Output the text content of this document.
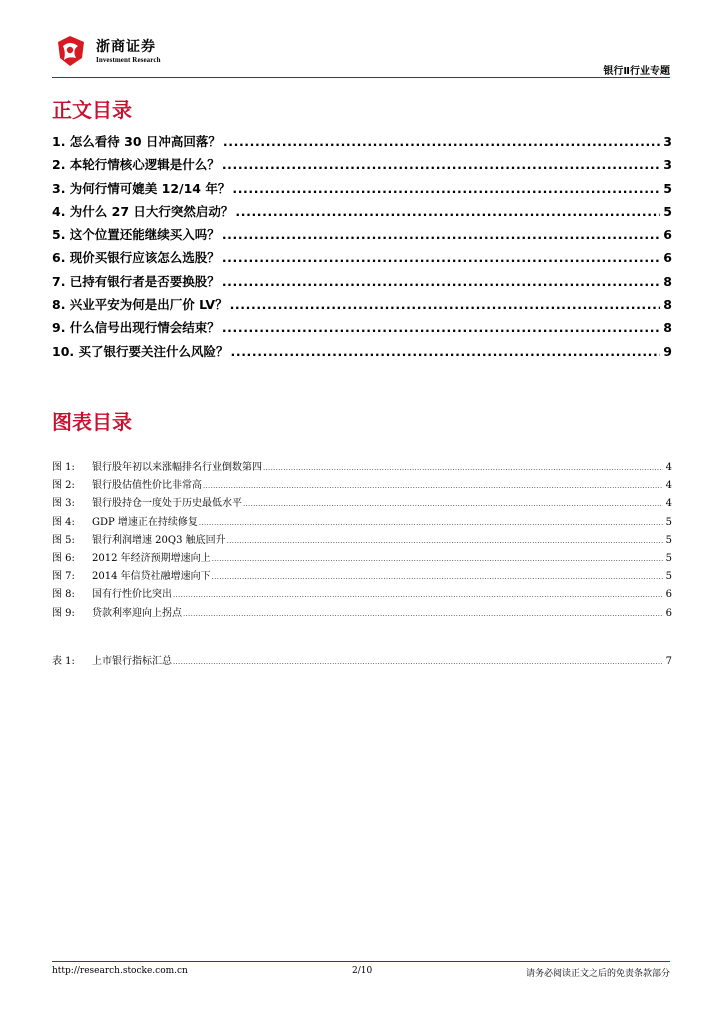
浙商证券
Investment Research
银行Ⅱ行业专题
正文目录
1. 怎么看待 30 日冲高回落？ .....	3
2. 本轮行情核心逻辑是什么？ .....	3
3. 为何行情可媲美 12/14 年？ .....	5
4. 为什么 27 日大行突然启动？ .....	5
5. 这个位置还能继续买入吗？ .....	6
6. 现价买银行应该怎么选股？ .....	6
7. 已持有银行者是否要换股？ .....	8
8. 兴业平安为何是出厂价 LV？ .....	8
9. 什么信号出现行情会结束？ .....	8
10. 买了银行要关注什么风险？ .....	9
图表目录
图 1:	银行股年初以来涨幅排名行业倒数第四 .....	4
图 2:	银行股估值性价比非常高 .....	4
图 3:	银行股持仓一度处于历史最低水平 .....	4
图 4:	GDP 增速正在持续修复 .....	5
图 5:	银行利润增速 20Q3 触底回升 .....	5
图 6:	2012 年经济预期增速向上 .....	5
图 7:	2014 年信贷社融增速向下 .....	5
图 8:	国有行性价比突出 .....	6
图 9:	贷款利率迎向上拐点 .....	6
表 1:	上市银行指标汇总 .....	7
http://research.stocke.com.cn	2/10	请务必阅读正文之后的免责条款部分
